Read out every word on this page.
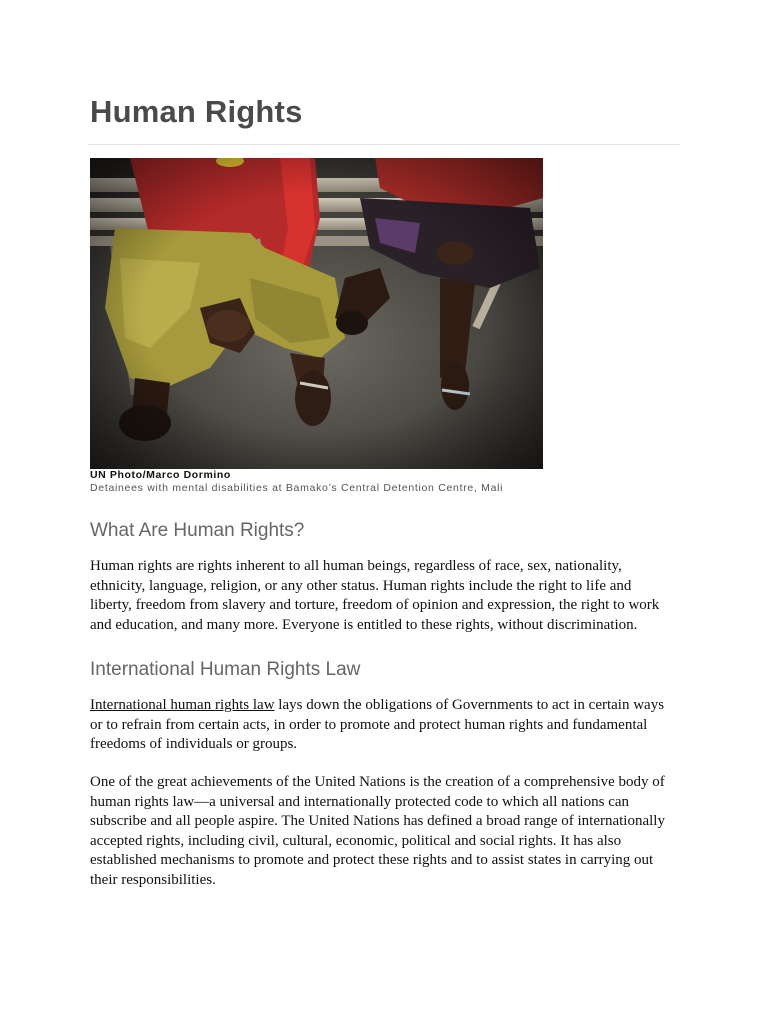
Human Rights
UN Photo/Marco Dormino
Detainees with mental disabilities at Bamako’s Central Detention Centre, Mali
What Are Human Rights?

Human rights are rights inherent to all human beings, regardless of race, sex, nationality, ethnicity, language, religion, or any other status. Human rights include the right to life and liberty, freedom from slavery and torture, freedom of opinion and expression, the right to work and education, and many more. Everyone is entitled to these rights, without discrimination.

International Human Rights Law

International human rights law lays down the obligations of Governments to act in certain ways or to refrain from certain acts, in order to promote and protect human rights and fundamental freedoms of individuals or groups.

One of the great achievements of the United Nations is the creation of a comprehensive body of human rights law—a universal and internationally protected code to which all nations can subscribe and all people aspire. The United Nations has defined a broad range of internationally accepted rights, including civil, cultural, economic, political and social rights. It has also established mechanisms to promote and protect these rights and to assist states in carrying out their responsibilities.
